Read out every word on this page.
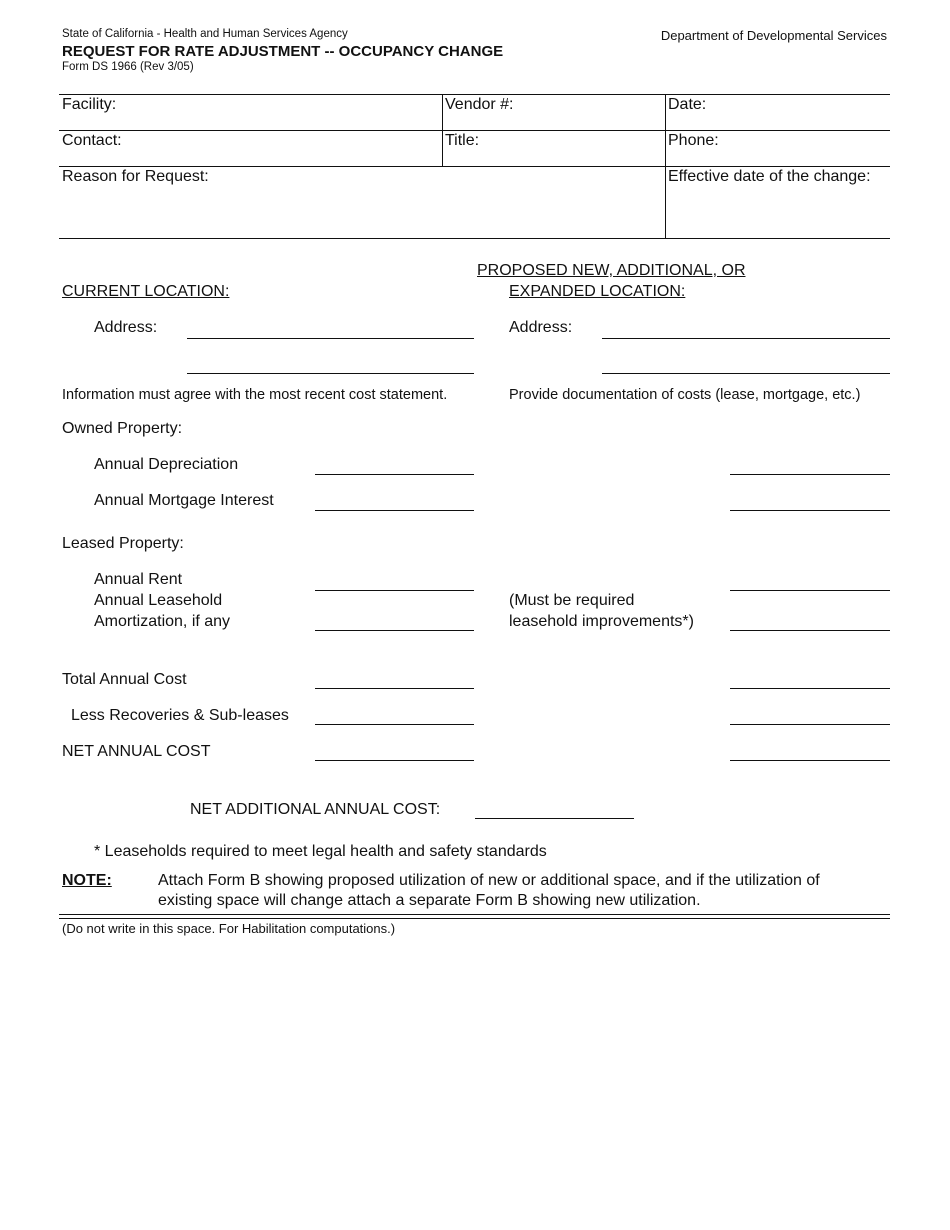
State of California - Health and Human Services Agency	Department of Developmental Services
REQUEST FOR RATE ADJUSTMENT -- OCCUPANCY CHANGE
Form DS 1966 (Rev 3/05)
Facility:	Vendor #:	Date:
Contact:	Title:	Phone:
Reason for Request:	Effective date of the change:
PROPOSED NEW, ADDITIONAL, OR
EXPANDED LOCATION:
CURRENT LOCATION:
Address:	Address:
Information must agree with the most recent cost statement.	Provide documentation of costs (lease, mortgage, etc.)
Owned Property:
Annual Depreciation
Annual Mortgage Interest
Leased Property:
Annual Rent
Annual Leasehold
Amortization, if any
(Must be required
leasehold improvements*)
Total Annual Cost
Less Recoveries & Sub-leases
NET ANNUAL COST
NET ADDITIONAL ANNUAL COST:
* Leaseholds required to meet legal health and safety standards
NOTE:	Attach Form B showing proposed utilization of new or additional space, and if the utilization of
existing space will change attach a separate Form B showing new utilization.
(Do not write in this space. For Habilitation computations.)
